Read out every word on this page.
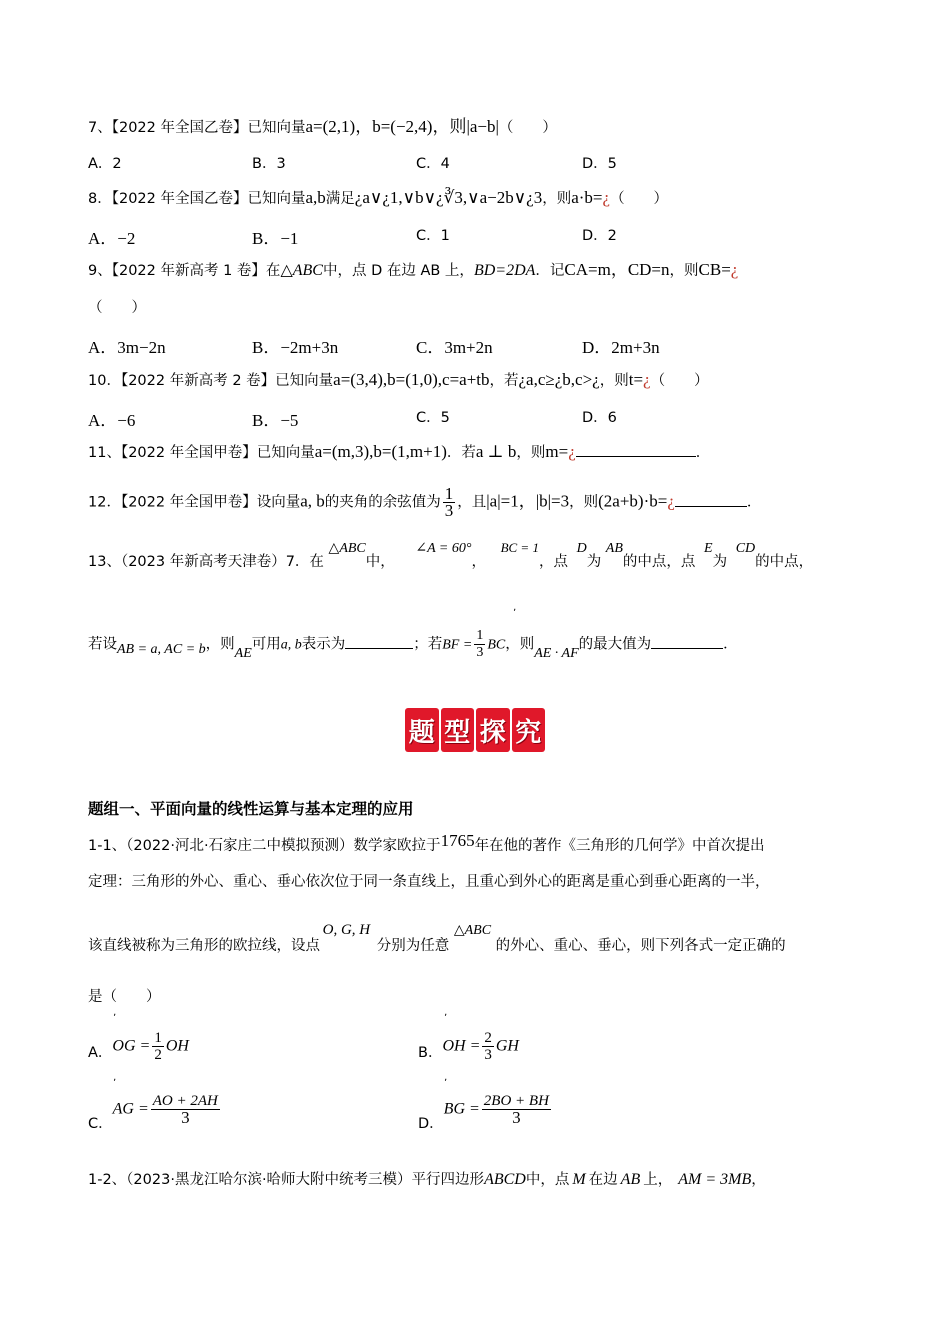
7、【2022 年全国乙卷】已知向量a=(2,1)，b=(−2,4)，则|a−b|（　　）
A．2	B．3	C．4	D．5
8．【2022 年全国乙卷】已知向量a,b满足¿a∨¿1,∨b∨¿∛3,∨a−2b∨¿3，则a·b=¿（　　）
A．−2	B．−1	C．1	D．2
9、【2022 年新高考 1 卷】在△ABC中，点 D 在边 AB 上，BD=2DA．记CA=m，CD=n，则CB=¿
（　　）
A．3m−2n	B．−2m+3n	C．3m+2n	D．2m+3n
10．【2022 年新高考 2 卷】已知向量a=(3,4),b=(1,0),c=a+tb，若¿a,c≥¿b,c>¿，则t=¿（　　）
A．−6	B．−5	C．5	D．6
11、【2022 年全国甲卷】已知向量a=(m,3),b=(1,m+1)．若a ⊥ b，则m=¿	．
12．【2022 年全国甲卷】设向量a, b的夹角的余弦值为 $\frac{1}{3}$ ，且|a|=1，|b|=3，则(2a+b)·b=¿	．
13、（2023 年新高考天津卷）7．在 △ABC中， ∠A = 60°， BC = 1，点 D为 AB的中点，点 E为 CD的中点，
若设AB = a, AC = b，则AE可用a, b表示为	；若BF = $\frac{1}{3}$ BC，则AE · AF的最大值为	．
ʼ
题 型 探 究
题组一、平面向量的线性运算与基本定理的应用
1-1、（2022·河北·石家庄二中模拟预测）数学家欧拉于1765年在他的著作《三角形的几何学》中首次提出
定理：三角形的外心、重心、垂心依次位于同一条直线上，且重心到外心的距离是重心到垂心距离的一半，
该直线被称为三角形的欧拉线，设点 O, G, H 分别为任意 △ABC 的外心、重心、垂心，则下列各式一定正确的
是（　　）
A．OG = $\frac{1}{2}$ OH
ʼ
B．OH = $\frac{2}{3}$ GH
ʼ
C．AG = $\frac{AO + 2AH}{3}$
ʼ
D．BG = $\frac{2BO + BH}{3}$
ʼ
1-2、（2023·黑龙江哈尔滨·哈师大附中统考三模）平行四边形ABCD中，点 M 在边 AB 上， AM = 3MB，
